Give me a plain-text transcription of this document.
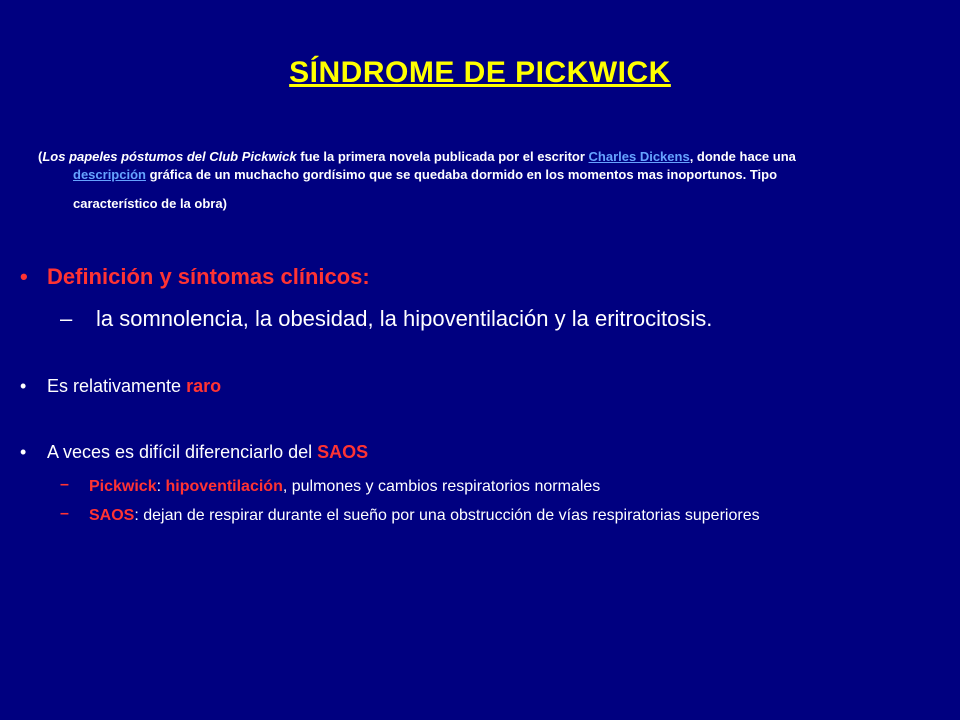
SÍNDROME DE PICKWICK
(Los papeles póstumos del Club Pickwick fue la primera novela publicada por el escritor Charles Dickens, donde hace una
descripción gráfica de un muchacho gordísimo que se quedaba dormido en los momentos mas inoportunos. Tipo
característico de la obra)
• Definición y síntomas clínicos:
– la somnolencia, la obesidad, la hipoventilación y la eritrocitosis.
• Es relativamente raro
• A veces es difícil diferenciarlo del SAOS
– Pickwick: hipoventilación, pulmones y cambios respiratorios normales
– SAOS: dejan de respirar durante el sueño por una obstrucción de vías respiratorias superiores
